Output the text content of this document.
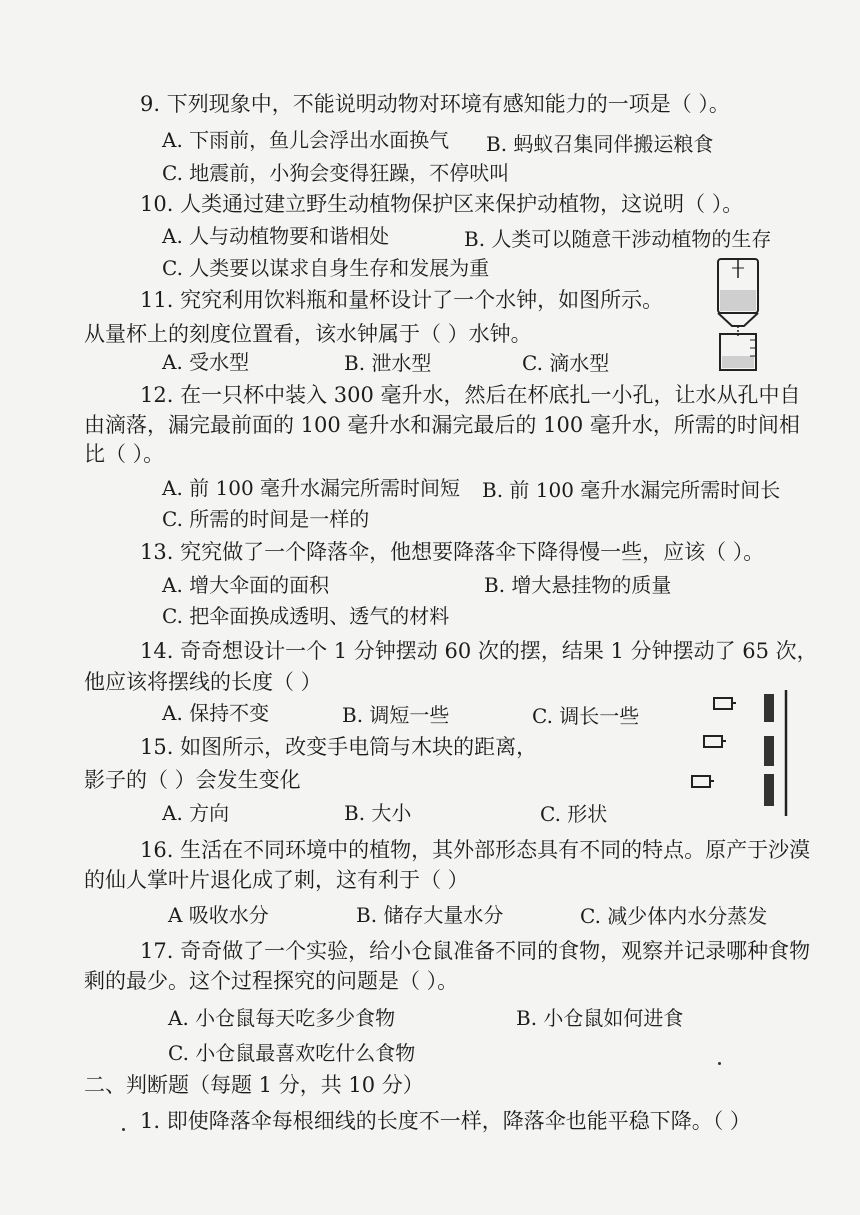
9. 下列现象中，不能说明动物对环境有感知能力的一项是（ ）。
A. 下雨前，鱼儿会浮出水面换气 B. 蚂蚁召集同伴搬运粮食
C. 地震前，小狗会变得狂躁，不停吠叫
10. 人类通过建立野生动植物保护区来保护动植物，这说明（ ）。
A. 人与动植物要和谐相处	B. 人类可以随意干涉动植物的生存
C. 人类要以谋求自身生存和发展为重
11. 究究利用饮料瓶和量杯设计了一个水钟，如图所示。
从量杯上的刻度位置看，该水钟属于（ ）水钟。
A. 受水型	B. 泄水型	C. 滴水型
12. 在一只杯中装入 300 毫升水，然后在杯底扎一小孔，让水从孔中自
由滴落，漏完最前面的 100 毫升水和漏完最后的 100 毫升水，所需的时间相
比（ ）。
A. 前 100 毫升水漏完所需时间短 B. 前 100 毫升水漏完所需时间长
C. 所需的时间是一样的
13. 究究做了一个降落伞，他想要降落伞下降得慢一些，应该（ ）。
A. 增大伞面的面积	B. 增大悬挂物的质量
C. 把伞面换成透明、透气的材料
14. 奇奇想设计一个 1 分钟摆动 60 次的摆，结果 1 分钟摆动了 65 次，
他应该将摆线的长度（ ）
A. 保持不变	B. 调短一些	C. 调长一些
15. 如图所示，改变手电筒与木块的距离，
影子的（ ）会发生变化
A. 方向	B. 大小	C. 形状
16. 生活在不同环境中的植物，其外部形态具有不同的特点。原产于沙漠
的仙人掌叶片退化成了刺，这有利于（ ）
A 吸收水分	B. 储存大量水分	C. 减少体内水分蒸发
17. 奇奇做了一个实验，给小仓鼠准备不同的食物，观察并记录哪种食物
剩的最少。这个过程探究的问题是（ ）。
A. 小仓鼠每天吃多少食物	B. 小仓鼠如何进食
C. 小仓鼠最喜欢吃什么食物
二、判断题（每题 1 分，共 10 分）
1. 即使降落伞每根细线的长度不一样，降落伞也能平稳下降。（ ）
